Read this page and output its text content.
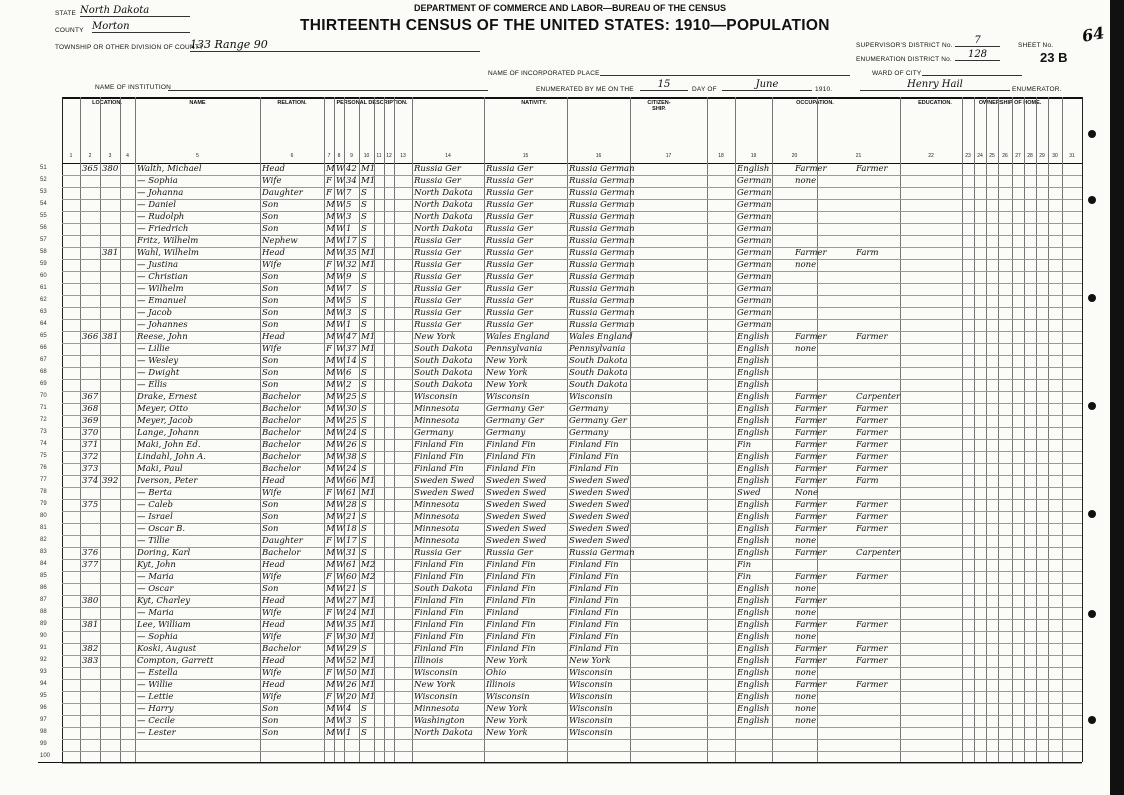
STATE North Dakota
COUNTY Morton
TOWNSHIP OR OTHER DIVISION OF COUNTY
133 Range 90
NAME OF INSTITUTION
DEPARTMENT OF COMMERCE AND LABOR—BUREAU OF THE CENSUS
THIRTEENTH CENSUS OF THE UNITED STATES: 1910—POPULATION
NAME OF INCORPORATED PLACE
ENUMERATED BY ME ON THE	15	DAY OF	June	1910.	Henry Hail	ENUMERATOR.
WARD OF CITY
SUPERVISOR'S DISTRICT No.	7
ENUMERATION DISTRICT No.	128
SHEET No.
23 B
64
LOCATION.	NAME	RELATION.	PERSONAL DESCRIPTION.	NATIVITY.	CITIZEN-SHIP.
OCCUPATION.	EDUCATION.	OWNERSHIP OF HOME.
1	2	3	4	5	6	7	8	9	10	11 12	13	14	15	16	17	18	19	20	21	22	23	24	25	26	27	28	29	30	31
51	365 380 Walth, Michael	Head	M W 42 M1	Russia Ger	Russia Ger	Russia German	English	Farmer	Farmer
52	— Sophia	Wife	F W 34 M1	Russia Ger	Russia Ger	Russia German	German	none
53	— Johanna	Daughter	F W 7	S	North Dakota	Russia Ger	Russia German	German
54	— Daniel	Son	M W 5	S	North Dakota	Russia Ger	Russia German	German
55	— Rudolph	Son	M W 3	S	North Dakota	Russia Ger	Russia German	German
56	— Friedrich	Son	M W 1	S	North Dakota	Russia Ger	Russia German	German
57	Fritz, Wilhelm	Nephew	M W 17 S	Russia Ger	Russia Ger	Russia German	German
58	381 Wahl, Wilhelm	Head	M W 35 M1	Russia Ger	Russia Ger	Russia German	German	Farmer	Farm
59	— Justina	Wife	F W 32 M1	Russia Ger	Russia Ger	Russia German	German	none
60	— Christian	Son	M W 9	S	Russia Ger	Russia Ger	Russia German	German
61	— Wilhelm	Son	M W 7	S	Russia Ger	Russia Ger	Russia German	German
62	— Emanuel	Son	M W 5	S	Russia Ger	Russia Ger	Russia German	German
63	— Jacob	Son	M W 3	S	Russia Ger	Russia Ger	Russia German	German
64	— Johannes	Son	M W 1	S	Russia Ger	Russia Ger	Russia German	German
65	366 381 Reese, John	Head	M W 47 M1	New York	Wales England	Wales England	English	Farmer	Farmer
66	— Lillie	Wife	F W 37 M1	South Dakota	Pennsylvania	Pennsylvania	English	none
67	— Wesley	Son	M W 14 S	South Dakota	New York	South Dakota	English
68	— Dwight	Son	M W 6	S	South Dakota	New York	South Dakota	English
69	— Ellis	Son	M W 2	S	South Dakota	New York	South Dakota	English
70	367	Drake, Ernest	Bachelor	M W 25 S	Wisconsin	Wisconsin	Wisconsin	English	Farmer	Carpenter
71	368	Meyer, Otto	Bachelor	M W 30 S	Minnesota	Germany Ger	Germany	English	Farmer	Farmer
72	369	Meyer, Jacob	Bachelor	M W 25 S	Minnesota	Germany Ger	Germany Ger	English	Farmer	Farmer
73	370	Lange, Johann	Bachelor	M W 24 S	Germany	Germany	Germany	English	Farmer	Farmer
74	371	Maki, John Ed.	Bachelor	M W 26 S	Finland Fin	Finland Fin	Finland Fin	Fin	Farmer	Farmer
75	372	Lindahl, John A.	Bachelor	M W 38 S	Finland Fin	Finland Fin	Finland Fin	English	Farmer	Farmer
76	373	Maki, Paul	Bachelor	M W 24 S	Finland Fin	Finland Fin	Finland Fin	English	Farmer	Farmer
77	374 392 Iverson, Peter	Head	M W 66 M1	Sweden Swed	Sweden Swed	Sweden Swed	English	Farmer	Farm
78	— Berta	Wife	F W 61 M1	Sweden Swed	Sweden Swed	Sweden Swed	Swed	None
79	375	— Caleb	Son	M W 28 S	Minnesota	Sweden Swed	Sweden Swed	English	Farmer	Farmer
80	— Israel	Son	M W 21 S	Minnesota	Sweden Swed	Sweden Swed	English	Farmer	Farmer
81	— Oscar B.	Son	M W 18 S	Minnesota	Sweden Swed	Sweden Swed	English	Farmer	Farmer
82	— Tillie	Daughter	F W 17 S	Minnesota	Sweden Swed	Sweden Swed	English	none
83	376	Doring, Karl	Bachelor	M W 31 S	Russia Ger	Russia Ger	Russia German	English	Farmer	Carpenter
84	377	Kyt, John	Head	M W 61 M2	Finland Fin	Finland Fin	Finland Fin	Fin
85	— Maria	Wife	F W 60 M2	Finland Fin	Finland Fin	Finland Fin	Fin	Farmer	Farmer
86	— Oscar	Son	M W 21 S	South Dakota	Finland Fin	Finland Fin	English	none
87	380	Kyt, Charley	Head	M W 27 M1	Finland Fin	Finland Fin	Finland Fin	English	Farmer
88	— Maria	Wife	F W 24 M1	Finland Fin	Finland	Finland Fin	English	none
89	381	Lee, William	Head	M W 35 M1	Finland Fin	Finland Fin	Finland Fin	English	Farmer	Farmer
90	— Sophia	Wife	F W 30 M1	Finland Fin	Finland Fin	Finland Fin	English	none
91	382	Koski, August	Bachelor	M W 29 S	Finland Fin	Finland Fin	Finland Fin	English	Farmer	Farmer
92	383	Compton, Garrett	Head	M W 52 M1	Illinois	New York	New York	English	Farmer	Farmer
93	— Estella	Wife	F W 50 M1	Wisconsin	Ohio	Wisconsin	English	none
94	— Willie	Head	M W 26 M1	New York	Illinois	Wisconsin	English	Farmer	Farmer
95	— Lettie	Wife	F W 20 M1	Wisconsin	Wisconsin	Wisconsin	English	none
96	— Harry	Son	M W 4	S	Minnesota	New York	Wisconsin	English	none
97	— Cecile	Son	M W 3	S	Washington	New York	Wisconsin	English	none
98	— Lester	Son	M W 1	S	North Dakota	New York	Wisconsin
99
100
